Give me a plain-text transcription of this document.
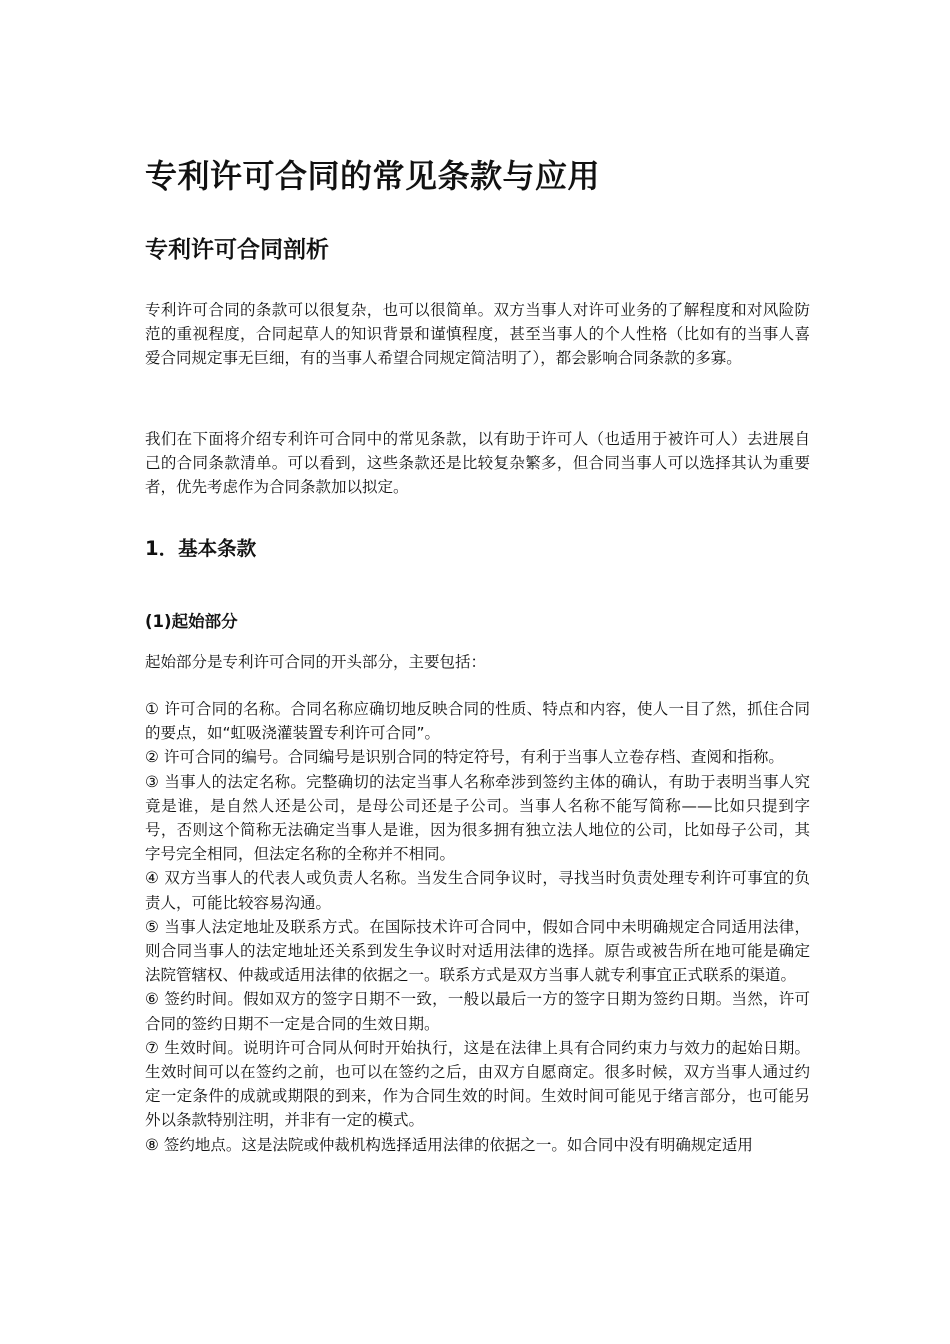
专利许可合同的常见条款与应用
专利许可合同剖析

专利许可合同的条款可以很复杂，也可以很简单。双方当事人对许可业务的了解程度和对风险防范的重视程度，合同起草人的知识背景和谨慎程度，甚至当事人的个人性格（比如有的当事人喜爱合同规定事无巨细，有的当事人希望合同规定简洁明了），都会影响合同条款的多寡。

我们在下面将介绍专利许可合同中的常见条款，以有助于许可人（也适用于被许可人）去进展自己的合同条款清单。可以看到，这些条款还是比较复杂繁多，但合同当事人可以选择其认为重要者，优先考虑作为合同条款加以拟定。

1．基本条款
(1)起始部分

起始部分是专利许可合同的开头部分，主要包括：

① 许可合同的名称。合同名称应确切地反映合同的性质、特点和内容，使人一目了然，抓住合同的要点，如“虹吸浇灌装置专利许可合同”。
② 许可合同的编号。合同编号是识别合同的特定符号，有利于当事人立卷存档、查阅和指称。
③ 当事人的法定名称。完整确切的法定当事人名称牵涉到签约主体的确认，有助于表明当事人究竟是谁，是自然人还是公司，是母公司还是子公司。当事人名称不能写简称——比如只提到字号，否则这个简称无法确定当事人是谁，因为很多拥有独立法人地位的公司，比如母子公司，其字号完全相同，但法定名称的全称并不相同。
④ 双方当事人的代表人或负责人名称。当发生合同争议时，寻找当时负责处理专利许可事宜的负责人，可能比较容易沟通。
⑤ 当事人法定地址及联系方式。在国际技术许可合同中，假如合同中未明确规定合同适用法律，则合同当事人的法定地址还关系到发生争议时对适用法律的选择。原告或被告所在地可能是确定法院管辖权、仲裁或适用法律的依据之一。联系方式是双方当事人就专利事宜正式联系的渠道。
⑥ 签约时间。假如双方的签字日期不一致，一般以最后一方的签字日期为签约日期。当然，许可合同的签约日期不一定是合同的生效日期。
⑦ 生效时间。说明许可合同从何时开始执行，这是在法律上具有合同约束力与效力的起始日期。生效时间可以在签约之前，也可以在签约之后，由双方自愿商定。很多时候，双方当事人通过约定一定条件的成就或期限的到来，作为合同生效的时间。生效时间可能见于绪言部分，也可能另外以条款特别注明，并非有一定的模式。
⑧ 签约地点。这是法院或仲裁机构选择适用法律的依据之一。如合同中没有明确规定适用
